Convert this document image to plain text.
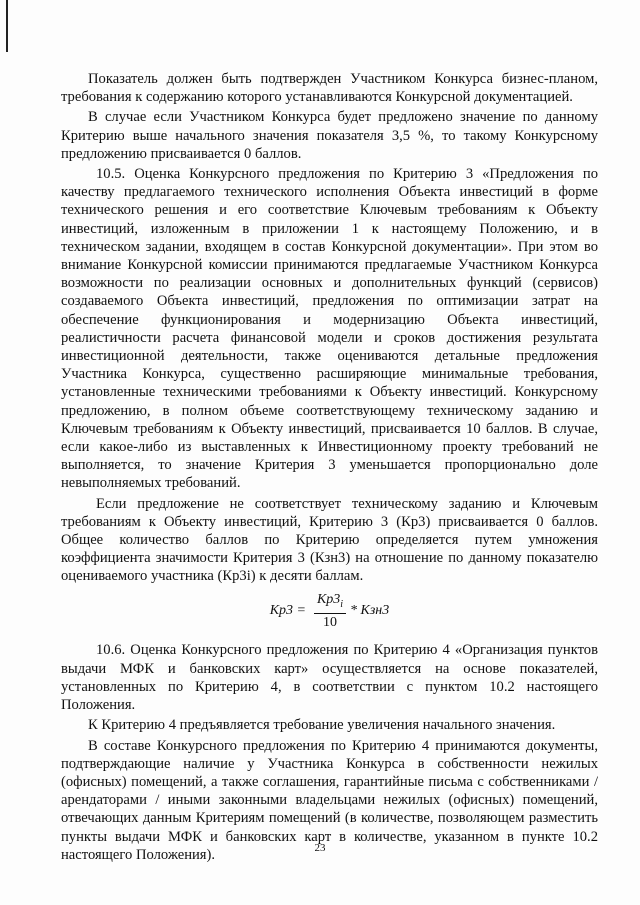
Показатель должен быть подтвержден Участником Конкурса бизнес-планом, требования к содержанию которого устанавливаются Конкурсной документацией.

В случае если Участником Конкурса будет предложено значение по данному Критерию выше начального значения показателя 3,5 %, то такому Конкурсному предложению присваивается 0 баллов.

10.5. Оценка Конкурсного предложения по Критерию 3 «Предложения по качеству предлагаемого технического исполнения Объекта инвестиций в форме технического решения и его соответствие Ключевым требованиям к Объекту инвестиций, изложенным в приложении 1 к настоящему Положению, и в техническом задании, входящем в состав Конкурсной документации». При этом во внимание Конкурсной комиссии принимаются предлагаемые Участником Конкурса возможности по реализации основных и дополнительных функций (сервисов) создаваемого Объекта инвестиций, предложения по оптимизации затрат на обеспечение функционирования и модернизацию Объекта инвестиций, реалистичности расчета финансовой модели и сроков достижения результата инвестиционной деятельности, также оцениваются детальные предложения Участника Конкурса, существенно расширяющие минимальные требования, установленные техническими требованиями к Объекту инвестиций. Конкурсному предложению, в полном объеме соответствующему техническому заданию и Ключевым требованиям к Объекту инвестиций, присваивается 10 баллов. В случае, если какое-либо из выставленных к Инвестиционному проекту требований не выполняется, то значение Критерия 3 уменьшается пропорционально доле невыполняемых требований.

Если предложение не соответствует техническому заданию и Ключевым требованиям к Объекту инвестиций, Критерию 3 (Кр3) присваивается 0 баллов. Общее количество баллов по Критерию определяется путем умножения коэффициента значимости Критерия 3 (Кзн3) на отношение по данному показателю оцениваемого участника (Кр3i) к десяти баллам.

$Кр3 = \frac{Кр3_i}{10} * Кзн3$

10.6. Оценка Конкурсного предложения по Критерию 4 «Организация пунктов выдачи МФК и банковских карт» осуществляется на основе показателей, установленных по Критерию 4, в соответствии с пунктом 10.2 настоящего Положения.

К Критерию 4 предъявляется требование увеличения начального значения.

В составе Конкурсного предложения по Критерию 4 принимаются документы, подтверждающие наличие у Участника Конкурса в собственности нежилых (офисных) помещений, а также соглашения, гарантийные письма с собственниками / арендаторами / иными законными владельцами нежилых (офисных) помещений, отвечающих данным Критериям помещений (в количестве, позволяющем разместить пункты выдачи МФК и банковских карт в количестве, указанном в пункте 10.2 настоящего Положения).	23
